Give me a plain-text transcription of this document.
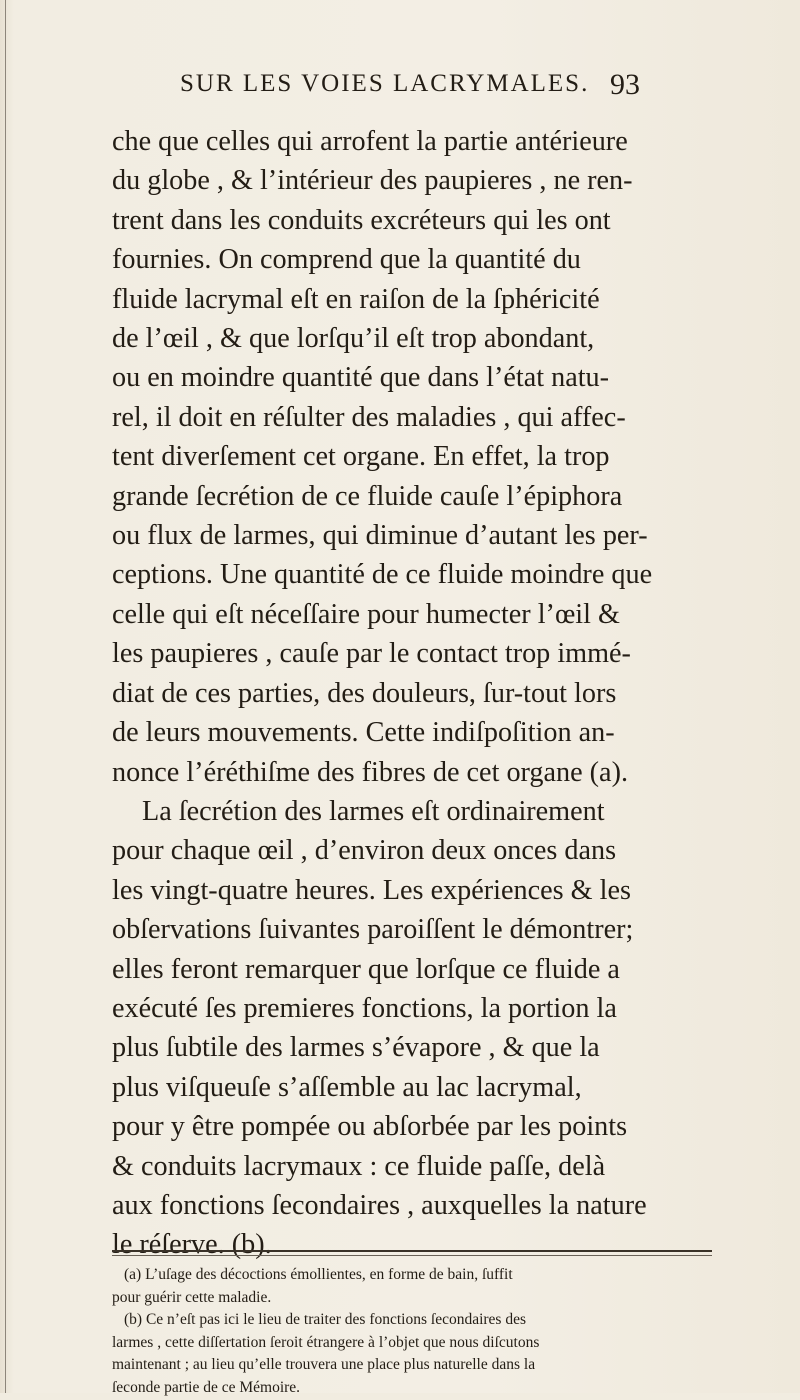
SUR LES VOIES LACRYMALES. 93
che que celles qui arrofent la partie antérieure
du globe , & l’intérieur des paupieres , ne ren-
trent dans les conduits excréteurs qui les ont
fournies. On comprend que la quantité du
fluide lacrymal eſt en raiſon de la ſphéricité
de l’œil , & que lorſqu’il eſt trop abondant,
ou en moindre quantité que dans l’état natu-
rel, il doit en réſulter des maladies , qui affec-
tent diverſement cet organe. En effet, la trop
grande ſecrétion de ce fluide cauſe l’épiphora
ou flux de larmes, qui diminue d’autant les per-
ceptions. Une quantité de ce fluide moindre que
celle qui eſt néceſſaire pour humecter l’œil &
les paupieres , cauſe par le contact trop immé-
diat de ces parties, des douleurs, ſur-tout lors
de leurs mouvements. Cette indiſpoſition an-
nonce l’éréthiſme des fibres de cet organe (a).
La ſecrétion des larmes eſt ordinairement
pour chaque œil , d’environ deux onces dans
les vingt-quatre heures. Les expériences & les
obſervations ſuivantes paroiſſent le démontrer;
elles feront remarquer que lorſque ce fluide a
exécuté ſes premieres fonctions, la portion la
plus ſubtile des larmes s’évapore , & que la
plus viſqueuſe s’aſſemble au lac lacrymal,
pour y être pompée ou abſorbée par les points
& conduits lacrymaux : ce fluide paſſe, delà
aux fonctions ſecondaires , auxquelles la nature
le réſerve. (b).
(a) L’uſage des décoctions émollientes, en forme de bain, ſuffit
pour guérir cette maladie.
(b) Ce n’eſt pas ici le lieu de traiter des fonctions ſecondaires des
larmes , cette diſſertation ſeroit étrangere à l’objet que nous diſcutons
maintenant ; au lieu qu’elle trouvera une place plus naturelle dans la
ſeconde partie de ce Mémoire.
